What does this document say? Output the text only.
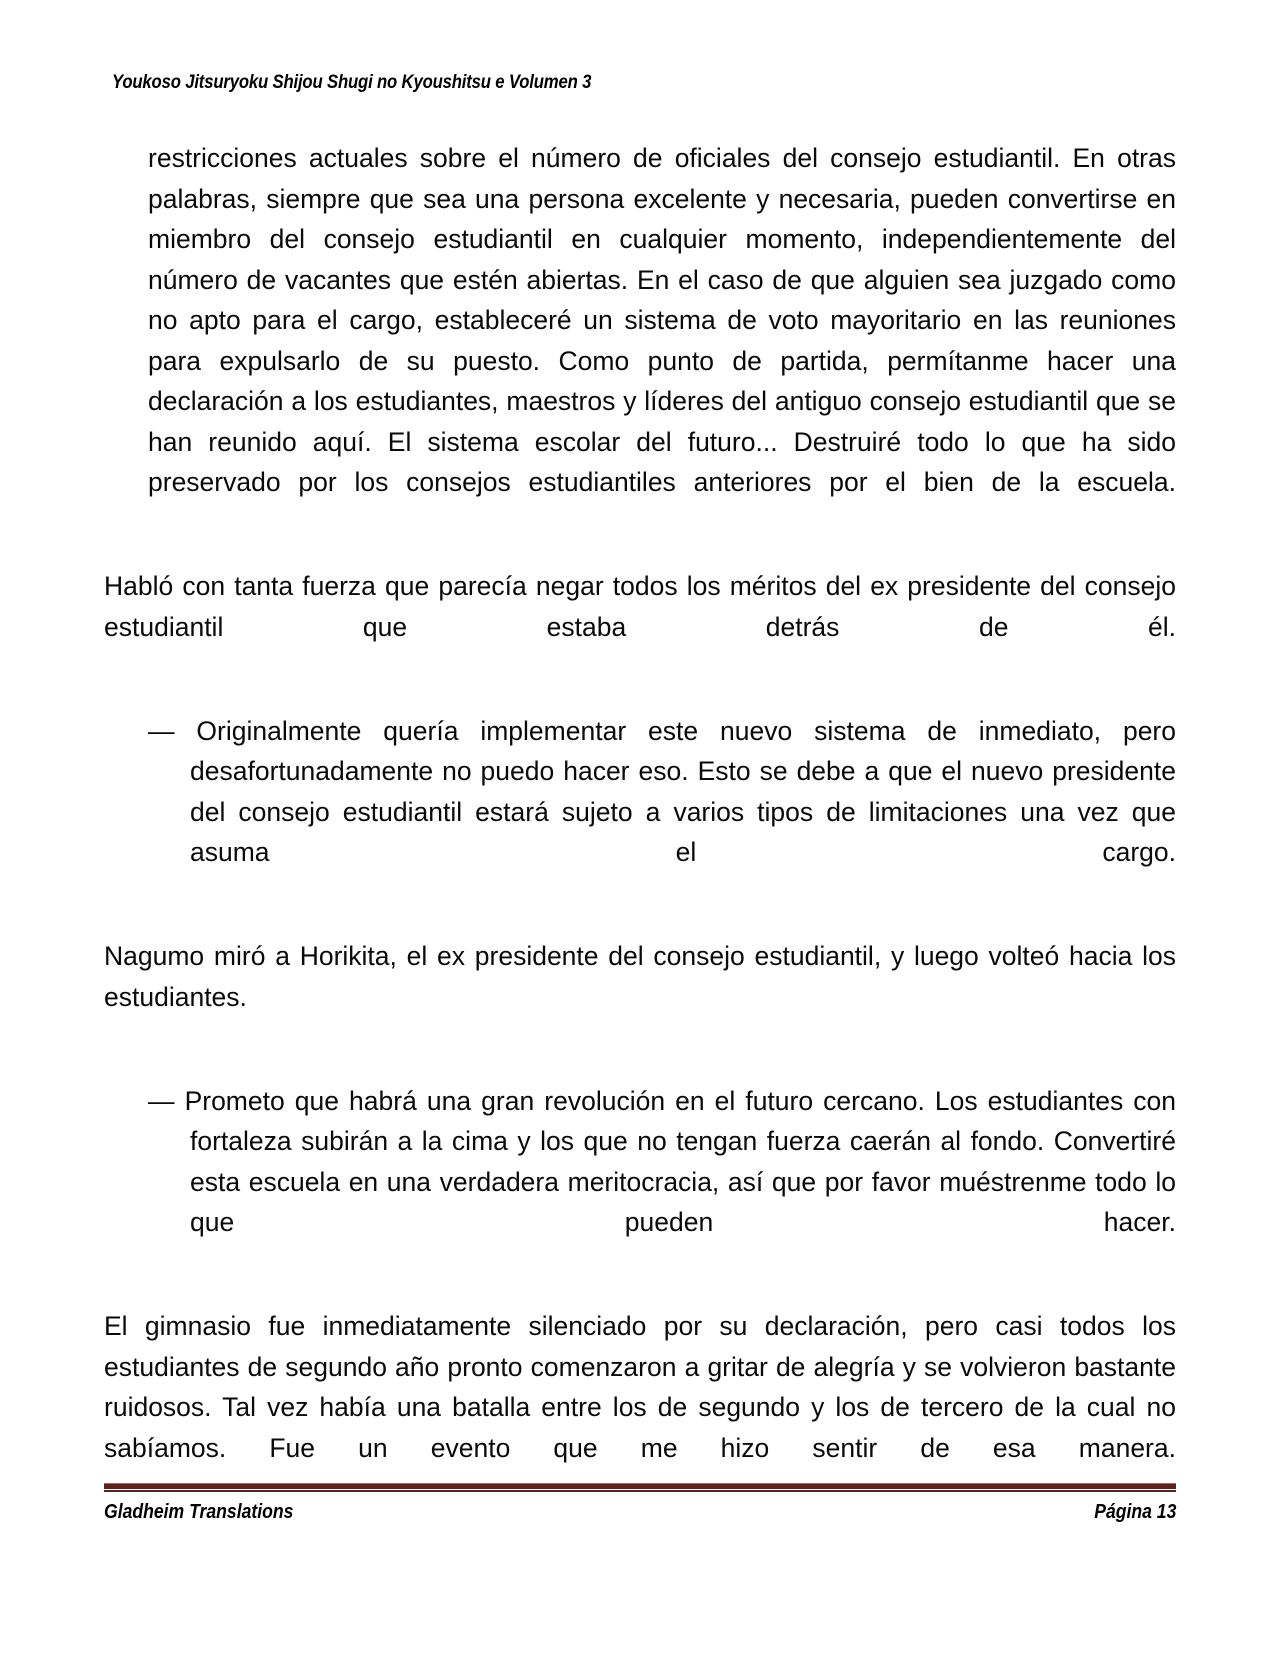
Youkoso Jitsuryoku Shijou Shugi no Kyoushitsu e Volumen 3

restricciones actuales sobre el número de oficiales del consejo estudiantil. En otras palabras, siempre que sea una persona excelente y necesaria, pueden convertirse en miembro del consejo estudiantil en cualquier momento, independientemente del número de vacantes que estén abiertas. En el caso de que alguien sea juzgado como no apto para el cargo, estableceré un sistema de voto mayoritario en las reuniones para expulsarlo de su puesto. Como punto de partida, permítanme hacer una declaración a los estudiantes, maestros y líderes del antiguo consejo estudiantil que se han reunido aquí. El sistema escolar del futuro... Destruiré todo lo que ha sido preservado por los consejos estudiantiles anteriores por el bien de la escuela.

Habló con tanta fuerza que parecía negar todos los méritos del ex presidente del consejo estudiantil que estaba detrás de él.

— Originalmente quería implementar este nuevo sistema de inmediato, pero desafortunadamente no puedo hacer eso. Esto se debe a que el nuevo presidente del consejo estudiantil estará sujeto a varios tipos de limitaciones una vez que asuma el cargo.

Nagumo miró a Horikita, el ex presidente del consejo estudiantil, y luego volteó hacia los estudiantes.

— Prometo que habrá una gran revolución en el futuro cercano. Los estudiantes con fortaleza subirán a la cima y los que no tengan fuerza caerán al fondo. Convertiré esta escuela en una verdadera meritocracia, así que por favor muéstrenme todo lo que pueden hacer.

El gimnasio fue inmediatamente silenciado por su declaración, pero casi todos los estudiantes de segundo año pronto comenzaron a gritar de alegría y se volvieron bastante ruidosos. Tal vez había una batalla entre los de segundo y los de tercero de la cual no sabíamos. Fue un evento que me hizo sentir de esa manera.

Gladheim Translations	Página 13
